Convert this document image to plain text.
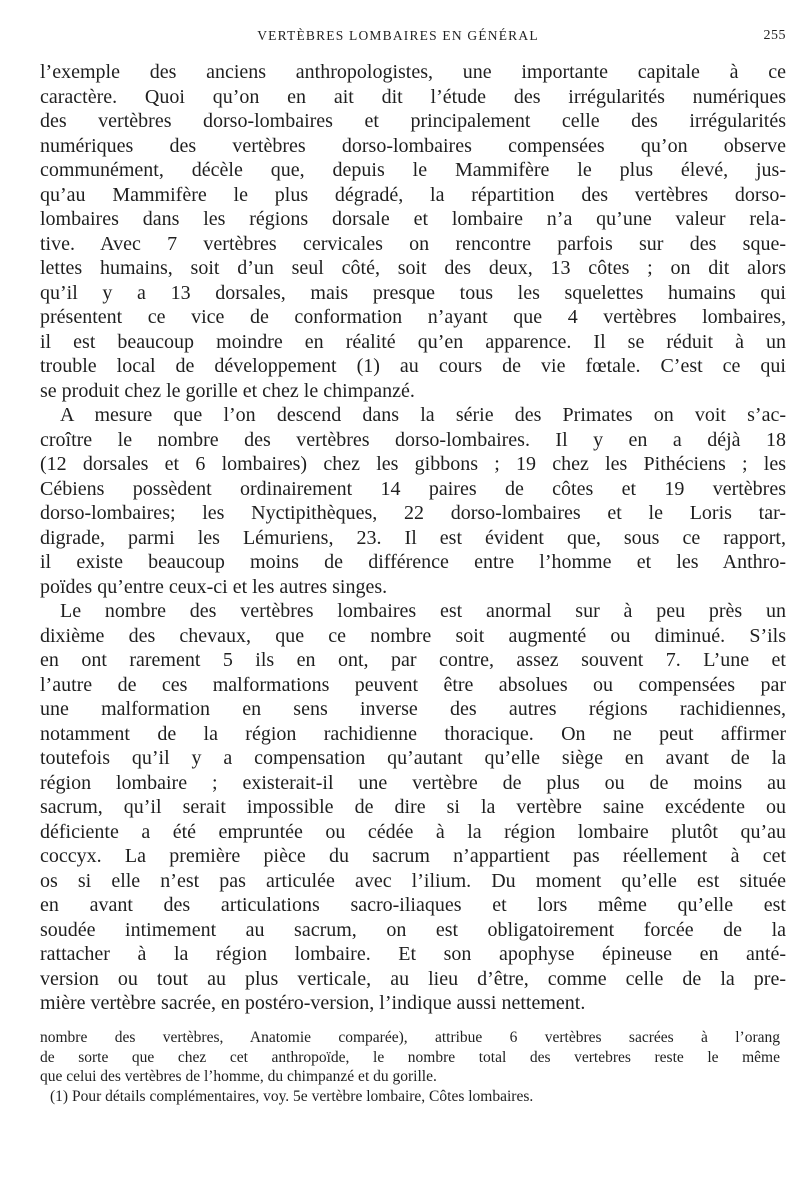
VERTÈBRES LOMBAIRES EN GÉNÉRAL	255
l’exemple des anciens anthropologistes, une importante capitale à ce
caractère. Quoi qu’on en ait dit l’étude des irrégularités numériques
des vertèbres dorso-lombaires et principalement celle des irrégularités
numériques des vertèbres dorso-lombaires compensées qu’on observe
communément, décèle que, depuis le Mammifère le plus élevé, jus-
qu’au Mammifère le plus dégradé, la répartition des vertèbres dorso-
lombaires dans les régions dorsale et lombaire n’a qu’une valeur rela-
tive. Avec 7 vertèbres cervicales on rencontre parfois sur des sque-
lettes humains, soit d’un seul côté, soit des deux, 13 côtes ; on dit alors
qu’il y a 13 dorsales, mais presque tous les squelettes humains qui
présentent ce vice de conformation n’ayant que 4 vertèbres lombaires,
il est beaucoup moindre en réalité qu’en apparence. Il se réduit à un
trouble local de développement (1) au cours de vie fœtale. C’est ce qui
se produit chez le gorille et chez le chimpanzé.
A mesure que l’on descend dans la série des Primates on voit s’ac-
croître le nombre des vertèbres dorso-lombaires. Il y en a déjà 18
(12 dorsales et 6 lombaires) chez les gibbons ; 19 chez les Pithéciens ; les
Cébiens possèdent ordinairement 14 paires de côtes et 19 vertèbres
dorso-lombaires; les Nyctipithèques, 22 dorso-lombaires et le Loris tar-
digrade, parmi les Lémuriens, 23. Il est évident que, sous ce rapport,
il existe beaucoup moins de différence entre l’homme et les Anthro-
poïdes qu’entre ceux-ci et les autres singes.
Le nombre des vertèbres lombaires est anormal sur à peu près un
dixième des chevaux, que ce nombre soit augmenté ou diminué. S’ils
en ont rarement 5 ils en ont, par contre, assez souvent 7. L’une et
l’autre de ces malformations peuvent être absolues ou compensées par
une malformation en sens inverse des autres régions rachidiennes,
notamment de la région rachidienne thoracique. On ne peut affirmer
toutefois qu’il y a compensation qu’autant qu’elle siège en avant de la
région lombaire ; existerait-il une vertèbre de plus ou de moins au
sacrum, qu’il serait impossible de dire si la vertèbre saine excédente ou
déficiente a été empruntée ou cédée à la région lombaire plutôt qu’au
coccyx. La première pièce du sacrum n’appartient pas réellement à cet
os si elle n’est pas articulée avec l’ilium. Du moment qu’elle est située
en avant des articulations sacro-iliaques et lors même qu’elle est
soudée intimement au sacrum, on est obligatoirement forcée de la
rattacher à la région lombaire. Et son apophyse épineuse en anté-
version ou tout au plus verticale, au lieu d’être, comme celle de la pre-
mière vertèbre sacrée, en postéro-version, l’indique aussi nettement.
nombre des vertèbres, Anatomie comparée), attribue 6 vertèbres sacrées à l’orang
de sorte que chez cet anthropoïde, le nombre total des vertebres reste le même
que celui des vertèbres de l’homme, du chimpanzé et du gorille.
(1) Pour détails complémentaires, voy. 5e vertèbre lombaire, Côtes lombaires.
